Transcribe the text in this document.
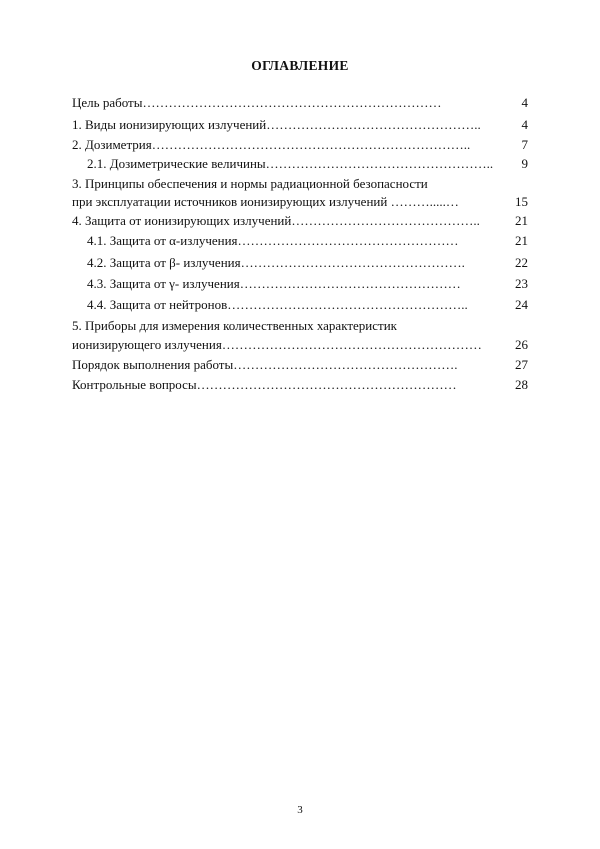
ОГЛАВЛЕНИЕ
Цель работы……………………………………………………………	4
1. Виды ионизирующих излучений…………………………………………..	4
2. Дозиметрия………………………………………………………………..	7
2.1. Дозиметрические величины…………………………………………….. 9
3. Принципы обеспечения и нормы радиационной безопасности
при эксплуатации источников ионизирующих излучений ……….....…	15
4. Защита от ионизирующих излучений……………………………………..	21
4.1. Защита от α-излучения……………………………………………	21
4.2. Защита от β- излучения…………………………………………….	22
4.3. Защита от γ- излучения……………………………………………	23
4.4. Защита от нейтронов………………………………………………..	24
5. Приборы для измерения количественных характеристик
ионизирующего излучения……………………………………………………	26
Порядок выполнения работы…………………………………………….	27
Контрольные вопросы……………………………………………………	28
3
